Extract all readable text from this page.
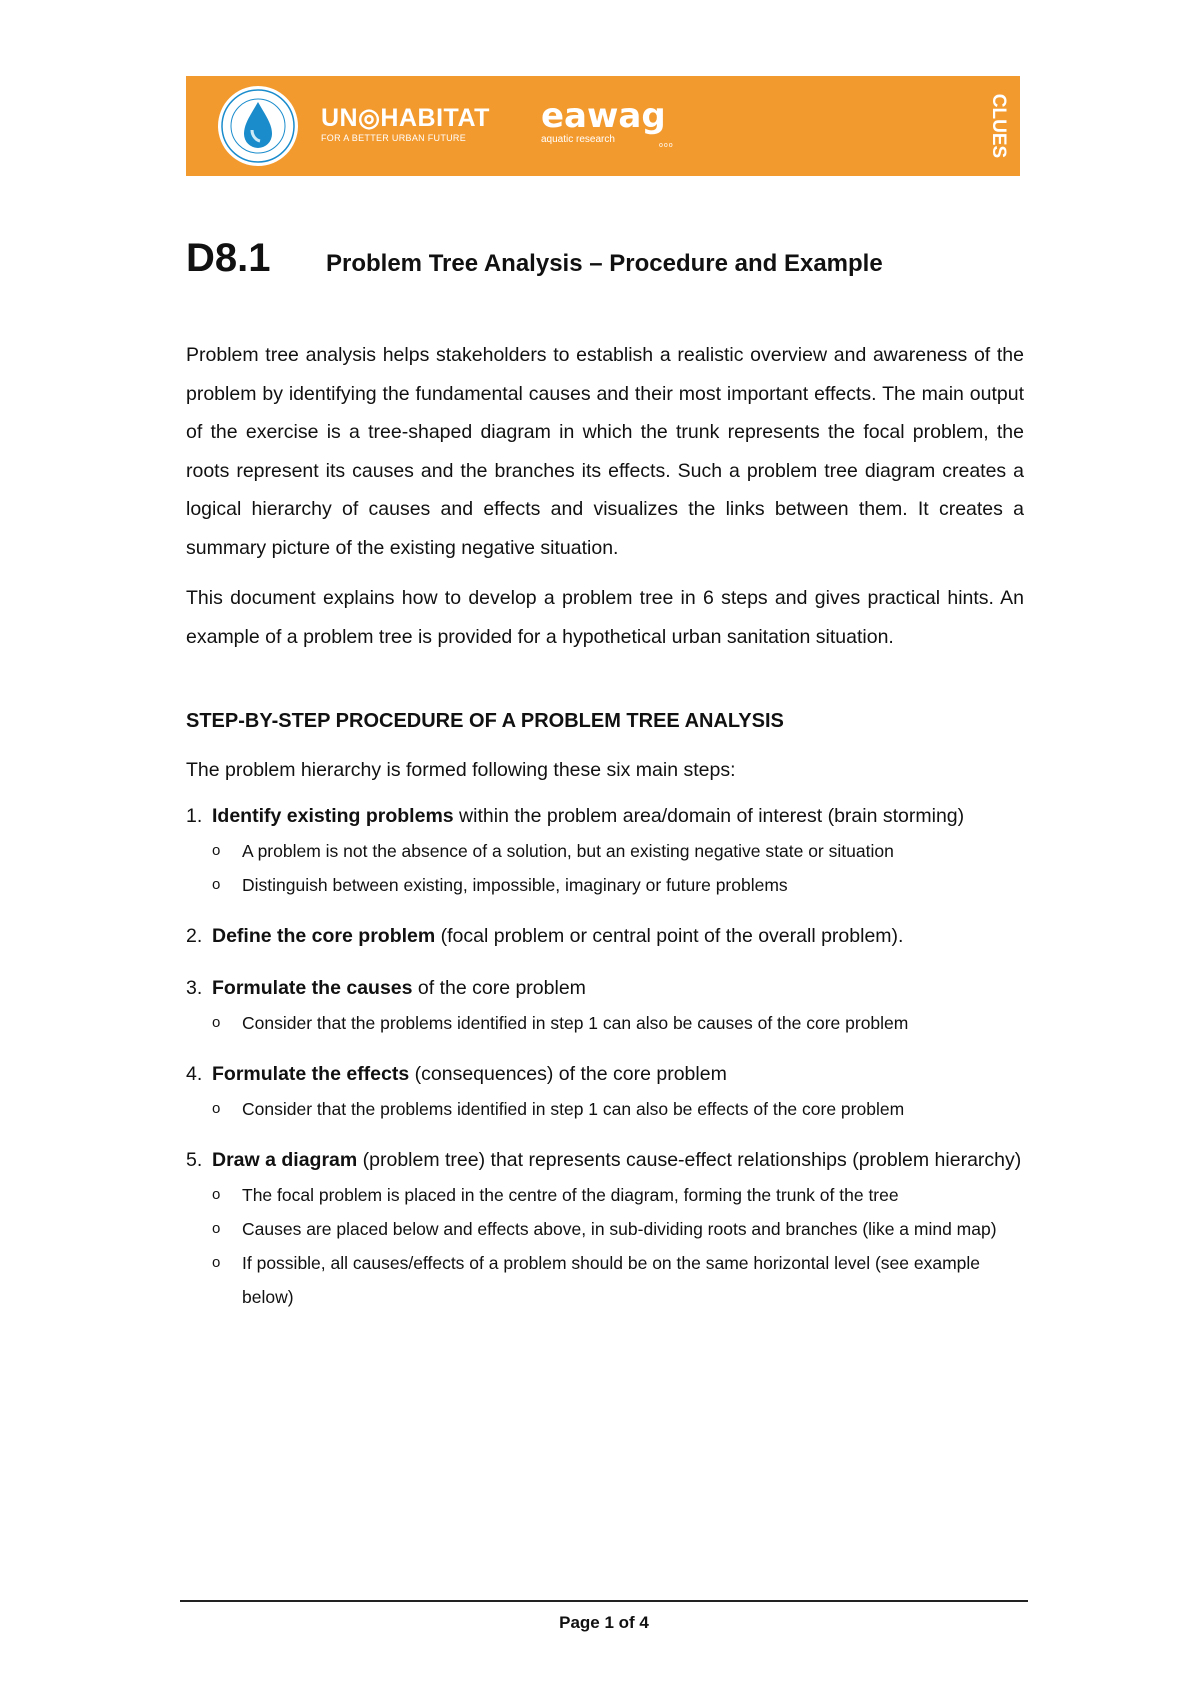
UN◎HABITAT
FOR A BETTER URBAN FUTURE
eawag
aquatic research
ooo	CLUES
D8.1	Problem Tree Analysis – Procedure and Example

Problem tree analysis helps stakeholders to establish a realistic overview and awareness of the problem by identifying the fundamental causes and their most important effects. The main output of the exercise is a tree-shaped diagram in which the trunk represents the focal problem, the roots represent its causes and the branches its effects. Such a problem tree diagram creates a logical hierarchy of causes and effects and visualizes the links between them. It creates a summary picture of the existing negative situation.

This document explains how to develop a problem tree in 6 steps and gives practical hints. An example of a problem tree is provided for a hypothetical urban sanitation situation.

STEP-BY-STEP PROCEDURE OF A PROBLEM TREE ANALYSIS

The problem hierarchy is formed following these six main steps:

1. Identify existing problems within the problem area/domain of interest (brain storming)
o A problem is not the absence of a solution, but an existing negative state or situation
o Distinguish between existing, impossible, imaginary or future problems
2. Define the core problem (focal problem or central point of the overall problem).
3. Formulate the causes of the core problem
o Consider that the problems identified in step 1 can also be causes of the core problem
4. Formulate the effects (consequences) of the core problem
o Consider that the problems identified in step 1 can also be effects of the core problem
5. Draw a diagram (problem tree) that represents cause-effect relationships (problem hierarchy)
o The focal problem is placed in the centre of the diagram, forming the trunk of the tree
o Causes are placed below and effects above, in sub-dividing roots and branches (like a mind map)
o If possible, all causes/effects of a problem should be on the same horizontal level (see example below)
Page 1 of 4
